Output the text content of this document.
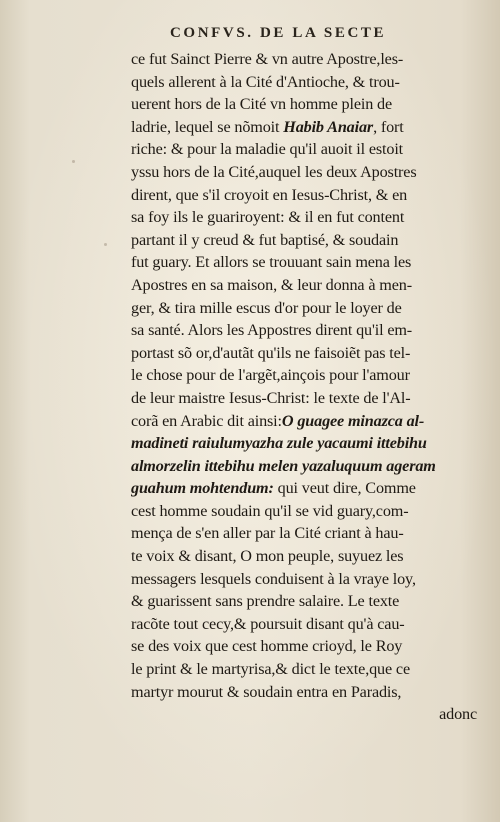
CONFVS. DE LA SECTE
ce fut Sainct Pierre & vn autre Apostre,les-
quels allerent à la Cité d'Antioche, & trou-
uerent hors de la Cité vn homme plein de
ladrie, lequel se nõmoit Habib Anaiar, fort
riche: & pour la maladie qu'il auoit il estoit
yssu hors de la Cité,auquel les deux Apostres
dirent, que s'il croyoit en Iesus-Christ, & en
sa foy ils le guariroyent: & il en fut content
partant il y creud & fut baptisé, & soudain
fut guary. Et allors se trouuant sain mena les
Apostres en sa maison, & leur donna à men-
ger, & tira mille escus d'or pour le loyer de
sa santé. Alors les Appostres dirent qu'il em-
portast sõ or,d'autãt qu'ils ne faisoiẽt pas tel-
le chose pour de l'argẽt,ainçois pour l'amour
de leur maistre Iesus-Christ: le texte de l'Al-
corã en Arabic dit ainsi:O guagee minazca al-
madineti raiulumyazha zule yacaumi ittebihu
almorzelin ittebihu melen yazaluquum ageram
guahum mohtendum: qui veut dire, Comme
cest homme soudain qu'il se vid guary,com-
mença de s'en aller par la Cité criant à hau-
te voix & disant, O mon peuple, suyuez les
messagers lesquels conduisent à la vraye loy,
& guarissent sans prendre salaire. Le texte
racõte tout cecy,& poursuit disant qu'à cau-
se des voix que cest homme crioyd, le Roy
le print & le martyrisa,& dict le texte,que ce
martyr mourut & soudain entra en Paradis,
adonc
